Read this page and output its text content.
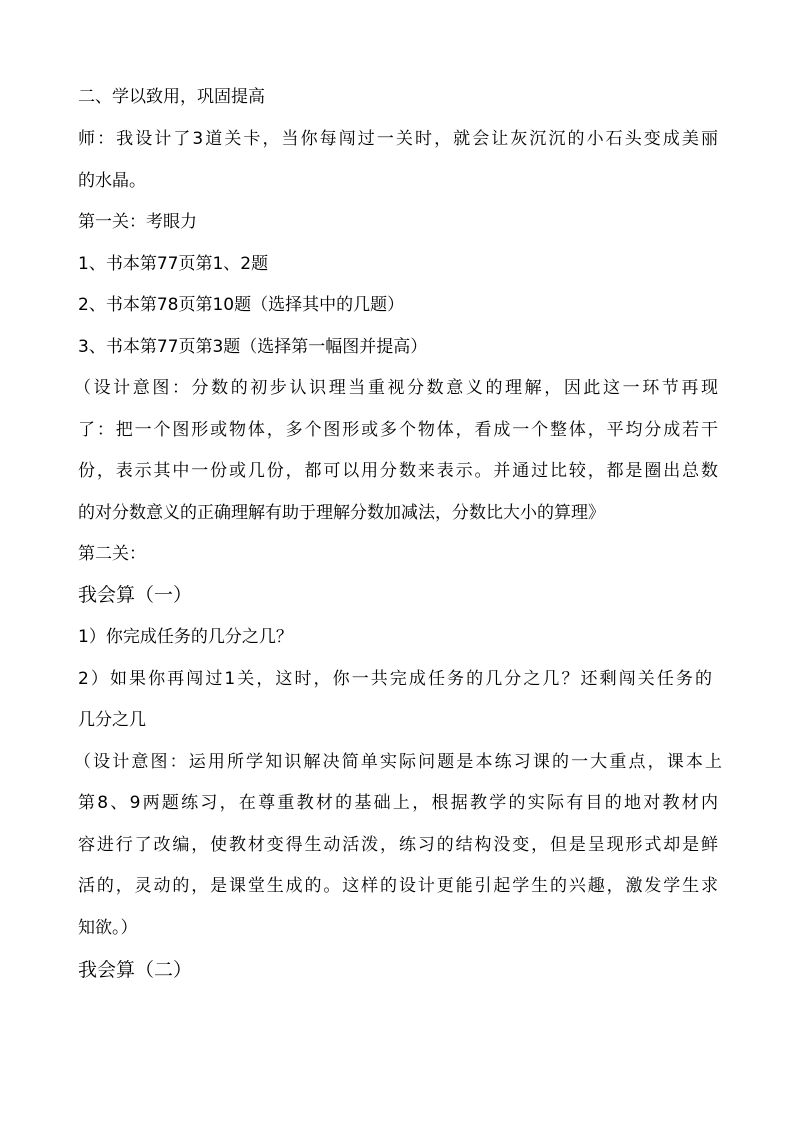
二、学以致用，巩固提高
师：我设计了3道关卡，当你每闯过一关时，就会让灰沉沉的小石头变成美丽
的水晶。
第一关：考眼力
1、书本第77页第1、2题
2、书本第78页第10题（选择其中的几题）
3、书本第77页第3题（选择第一幅图并提高）
（设计意图：分数的初步认识理当重视分数意义的理解，因此这一环节再现
了：把一个图形或物体，多个图形或多个物体，看成一个整体，平均分成若干
份，表示其中一份或几份，都可以用分数来表示。并通过比较，都是圈出总数
的对分数意义的正确理解有助于理解分数加减法，分数比大小的算理》
第二关：
我会算（一）
1）你完成任务的几分之几？
2）如果你再闯过1关，这时，你一共完成任务的几分之几？还剩闯关任务的
几分之几
（设计意图：运用所学知识解决简单实际问题是本练习课的一大重点，课本上
第8、9两题练习，在尊重教材的基础上，根据教学的实际有目的地对教材内
容进行了改编，使教材变得生动活泼，练习的结构没变，但是呈现形式却是鲜
活的，灵动的，是课堂生成的。这样的设计更能引起学生的兴趣，激发学生求
知欲。）
我会算（二）
